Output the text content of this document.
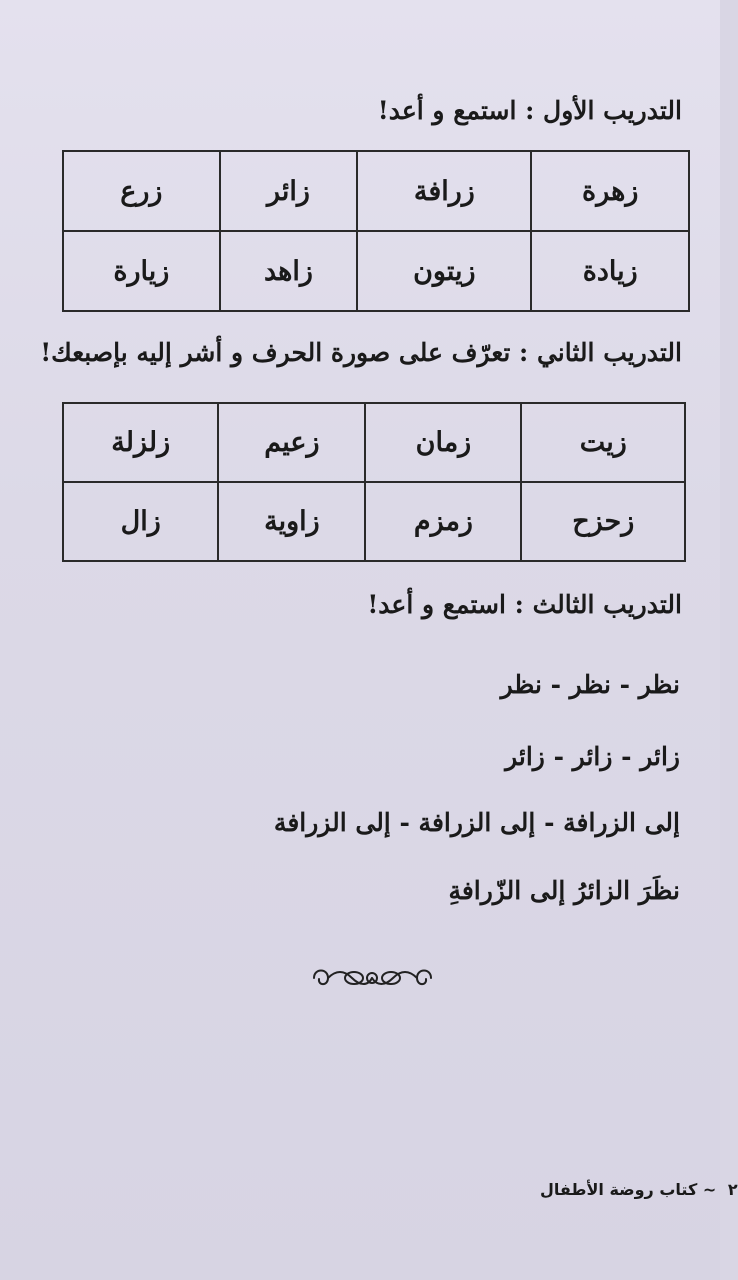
التدريب الأول : استمع و أعد!
زهرة	زرافة	زائر	زرع
زيادة	زيتون	زاهد	زيارة
التدريب الثاني : تعرّف على صورة الحرف و أشر إليه بإصبعك!
زيت	زمان	زعيم	زلزلة
زحزح	زمزم	زاوية	زال
التدريب الثالث : استمع و أعد!
نظر - نظر - نظر
زائر - زائر - زائر
إلى الزرافة - إلى الزرافة - إلى الزرافة
نظَرَ الزائرُ إلى الزّرافةِ
٢ ~ كتاب روضة الأطفال
